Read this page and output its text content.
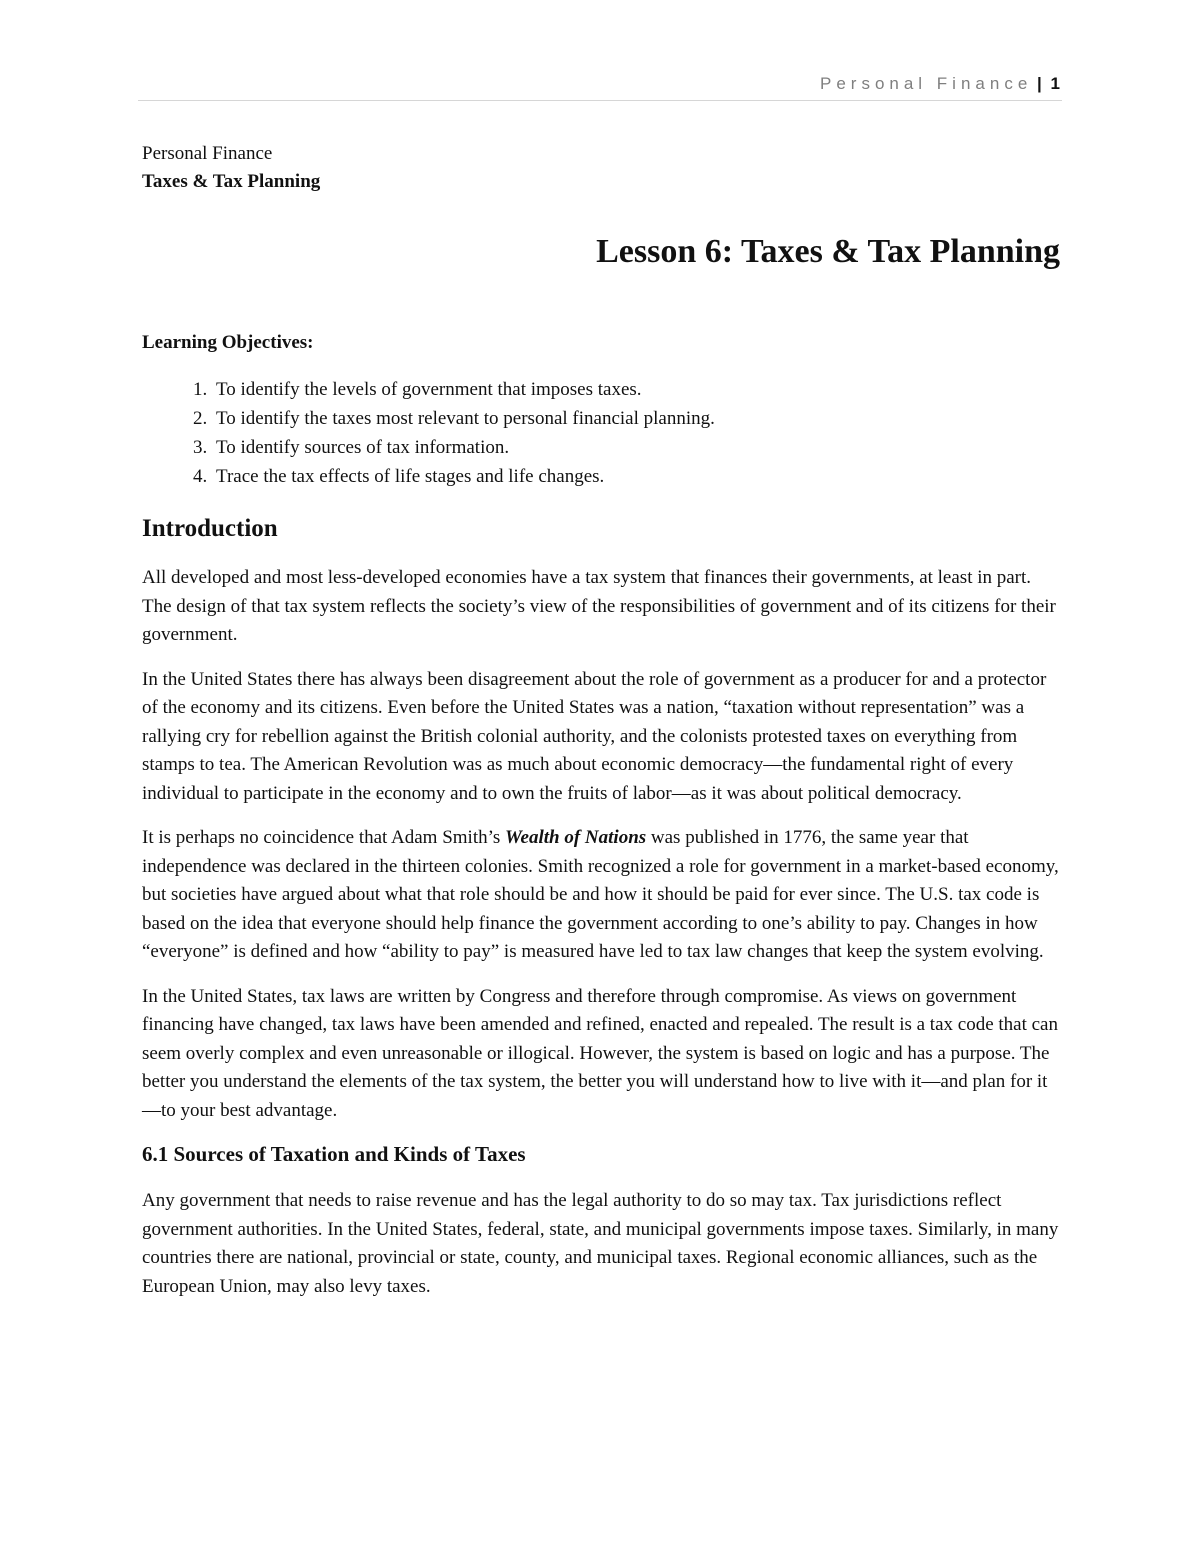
Personal Finance | 1

Personal Finance

Taxes & Tax Planning

Lesson 6: Taxes & Tax Planning

Learning Objectives:

1. To identify the levels of government that imposes taxes.
2. To identify the taxes most relevant to personal financial planning.
3. To identify sources of tax information.
4. Trace the tax effects of life stages and life changes.
Introduction

All developed and most less-developed economies have a tax system that finances their governments, at least in part. The design of that tax system reflects the society’s view of the responsibilities of government and of its citizens for their government.

In the United States there has always been disagreement about the role of government as a producer for and a protector of the economy and its citizens. Even before the United States was a nation, “taxation without representation” was a rallying cry for rebellion against the British colonial authority, and the colonists protested taxes on everything from stamps to tea. The American Revolution was as much about economic democracy—the fundamental right of every individual to participate in the economy and to own the fruits of labor—as it was about political democracy.

It is perhaps no coincidence that Adam Smith’s Wealth of Nations was published in 1776, the same year that independence was declared in the thirteen colonies. Smith recognized a role for government in a market-based economy, but societies have argued about what that role should be and how it should be paid for ever since. The U.S. tax code is based on the idea that everyone should help finance the government according to one’s ability to pay. Changes in how “everyone” is defined and how “ability to pay” is measured have led to tax law changes that keep the system evolving.

In the United States, tax laws are written by Congress and therefore through compromise. As views on government financing have changed, tax laws have been amended and refined, enacted and repealed. The result is a tax code that can seem overly complex and even unreasonable or illogical. However, the system is based on logic and has a purpose. The better you understand the elements of the tax system, the better you will understand how to live with it—and plan for it—to your best advantage.

6.1 Sources of Taxation and Kinds of Taxes

Any government that needs to raise revenue and has the legal authority to do so may tax. Tax jurisdictions reflect government authorities. In the United States, federal, state, and municipal governments impose taxes. Similarly, in many countries there are national, provincial or state, county, and municipal taxes. Regional economic alliances, such as the European Union, may also levy taxes.
